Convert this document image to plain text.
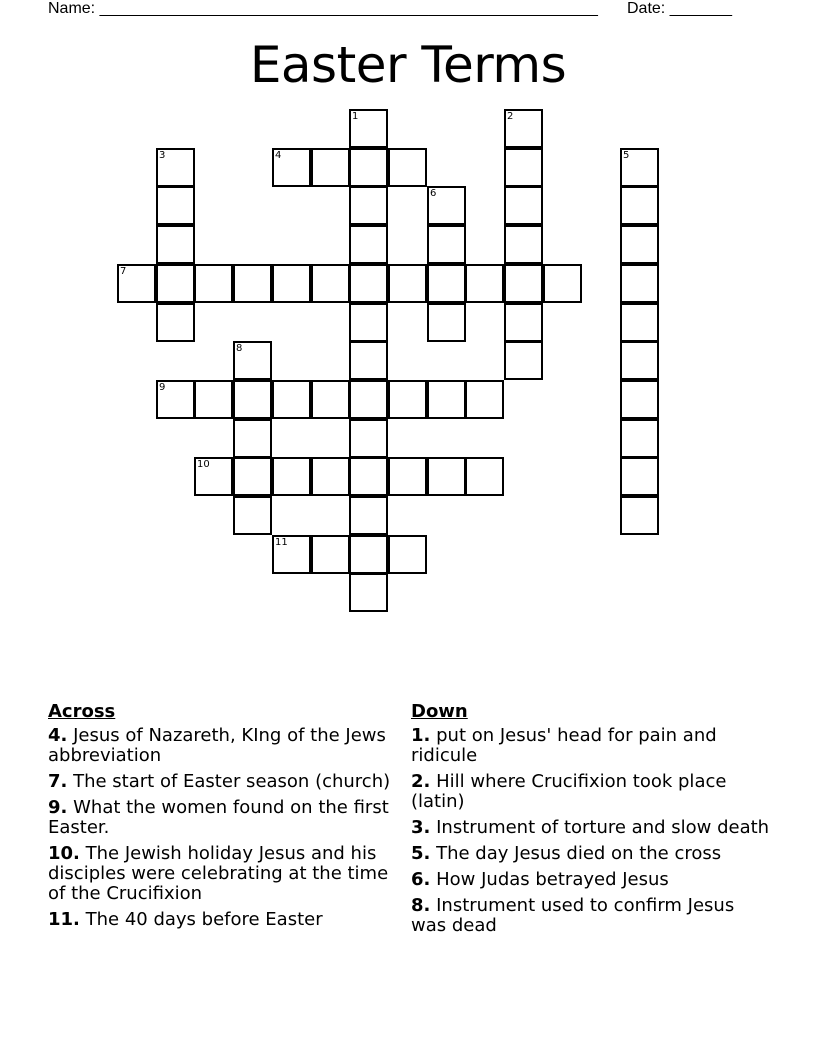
Name: ________________________________________________________ Date: _______
Easter Terms
1	2
3	4	5
6
7
8
9
10
11
Across
4. Jesus of Nazareth, KIng of the Jews abbreviation
7. The start of Easter season (church)
9. What the women found on the first Easter.
10. The Jewish holiday Jesus and his disciples were celebrating at the time of the Crucifixion
11. The 40 days before Easter
Down
1. put on Jesus' head for pain and ridicule
2. Hill where Crucifixion took place (latin)
3. Instrument of torture and slow death
5. The day Jesus died on the cross
6. How Judas betrayed Jesus
8. Instrument used to confirm Jesus was dead
